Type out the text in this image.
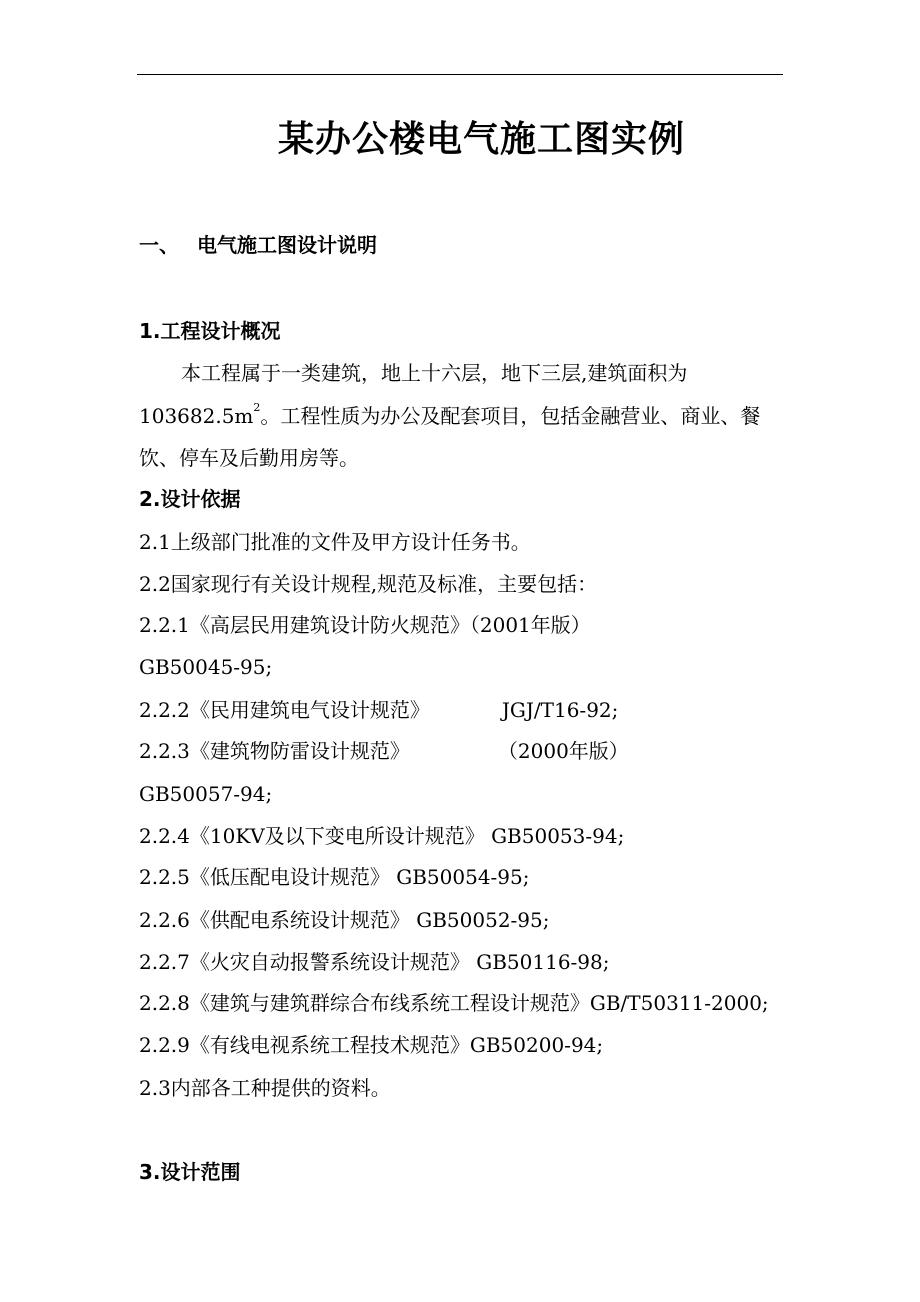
某办公楼电气施工图实例
一、 电气施工图设计说明
1.工程设计概况
本工程属于一类建筑，地上十六层，地下三层,建筑面积为
$103682.5m^2$。工程性质为办公及配套项目，包括金融营业、商业、餐
饮、停车及后勤用房等。
2.设计依据
2.1上级部门批准的文件及甲方设计任务书。
2.2国家现行有关设计规程,规范及标准，主要包括：
2.2.1《高层民用建筑设计防火规范》（2001年版）
GB50045-95;
2.2.2《民用建筑电气设计规范》	JGJ/T16-92;
2.2.3《建筑物防雷设计规范》	（2000年版）
GB50057-94;
2.2.4《10KV及以下变电所设计规范》 GB50053-94;
2.2.5《低压配电设计规范》 GB50054-95;
2.2.6《供配电系统设计规范》 GB50052-95;
2.2.7《火灾自动报警系统设计规范》 GB50116-98;
2.2.8《建筑与建筑群综合布线系统工程设计规范》GB/T50311-2000;
2.2.9《有线电视系统工程技术规范》GB50200-94;
2.3内部各工种提供的资料。
3.设计范围
